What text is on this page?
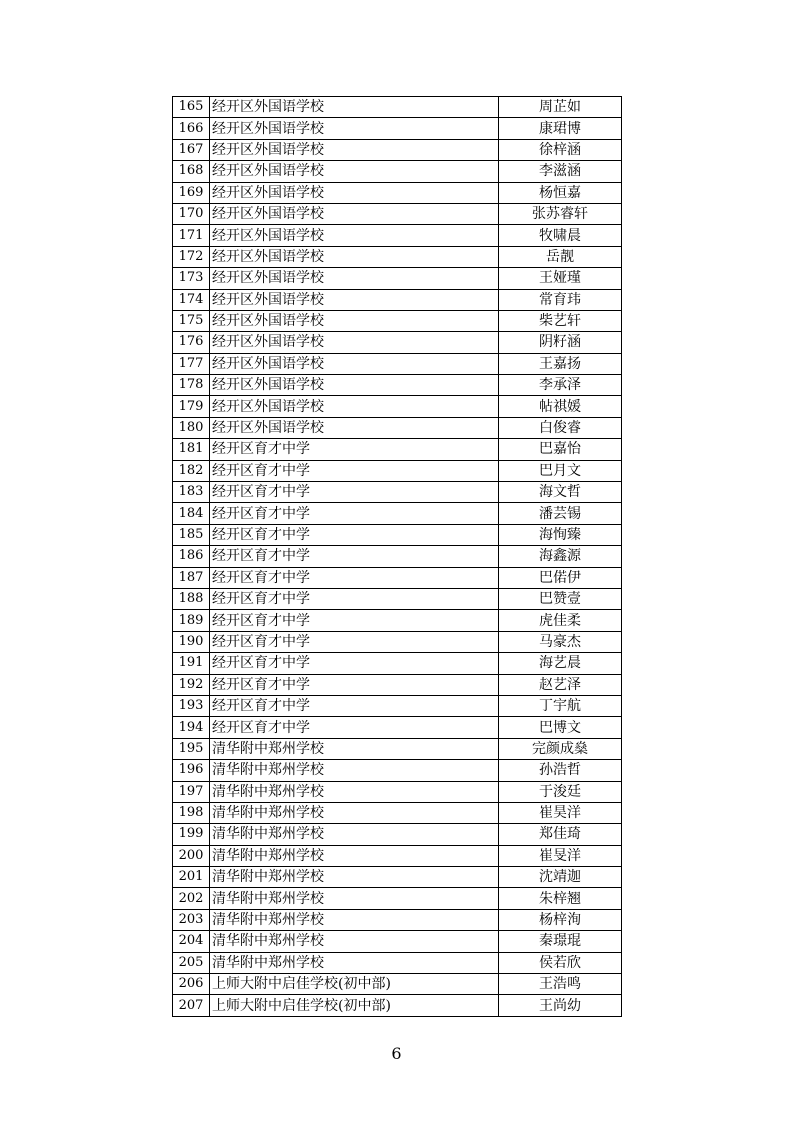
165	经开区外国语学校	周芷如
166	经开区外国语学校	康珺博
167	经开区外国语学校	徐梓涵
168	经开区外国语学校	李滋涵
169	经开区外国语学校	杨恒嘉
170	经开区外国语学校	张苏睿轩
171	经开区外国语学校	牧啸晨
172	经开区外国语学校	岳靓
173	经开区外国语学校	王娅瑾
174	经开区外国语学校	常育玮
175	经开区外国语学校	柴艺轩
176	经开区外国语学校	阴籽涵
177	经开区外国语学校	王嘉扬
178	经开区外国语学校	李承泽
179	经开区外国语学校	帖祺媛
180	经开区外国语学校	白俊睿
181	经开区育才中学	巴嘉怡
182	经开区育才中学	巴月文
183	经开区育才中学	海文哲
184	经开区育才中学	潘芸锡
185	经开区育才中学	海恂臻
186	经开区育才中学	海鑫源
187	经开区育才中学	巴偌伊
188	经开区育才中学	巴赞壹
189	经开区育才中学	虎佳柔
190	经开区育才中学	马豪杰
191	经开区育才中学	海艺晨
192	经开区育才中学	赵艺泽
193	经开区育才中学	丁宇航
194	经开区育才中学	巴博文
195	清华附中郑州学校	完颜成燊
196	清华附中郑州学校	孙浩哲
197	清华附中郑州学校	于浚廷
198	清华附中郑州学校	崔昊洋
199	清华附中郑州学校	郑佳琦
200	清华附中郑州学校	崔旻洋
201	清华附中郑州学校	沈靖迦
202	清华附中郑州学校	朱梓翘
203	清华附中郑州学校	杨梓洵
204	清华附中郑州学校	秦璟琨
205	清华附中郑州学校	侯若欣
206	上师大附中启佳学校(初中部)	王浩鸣
207	上师大附中启佳学校(初中部)	王尚幼
6
